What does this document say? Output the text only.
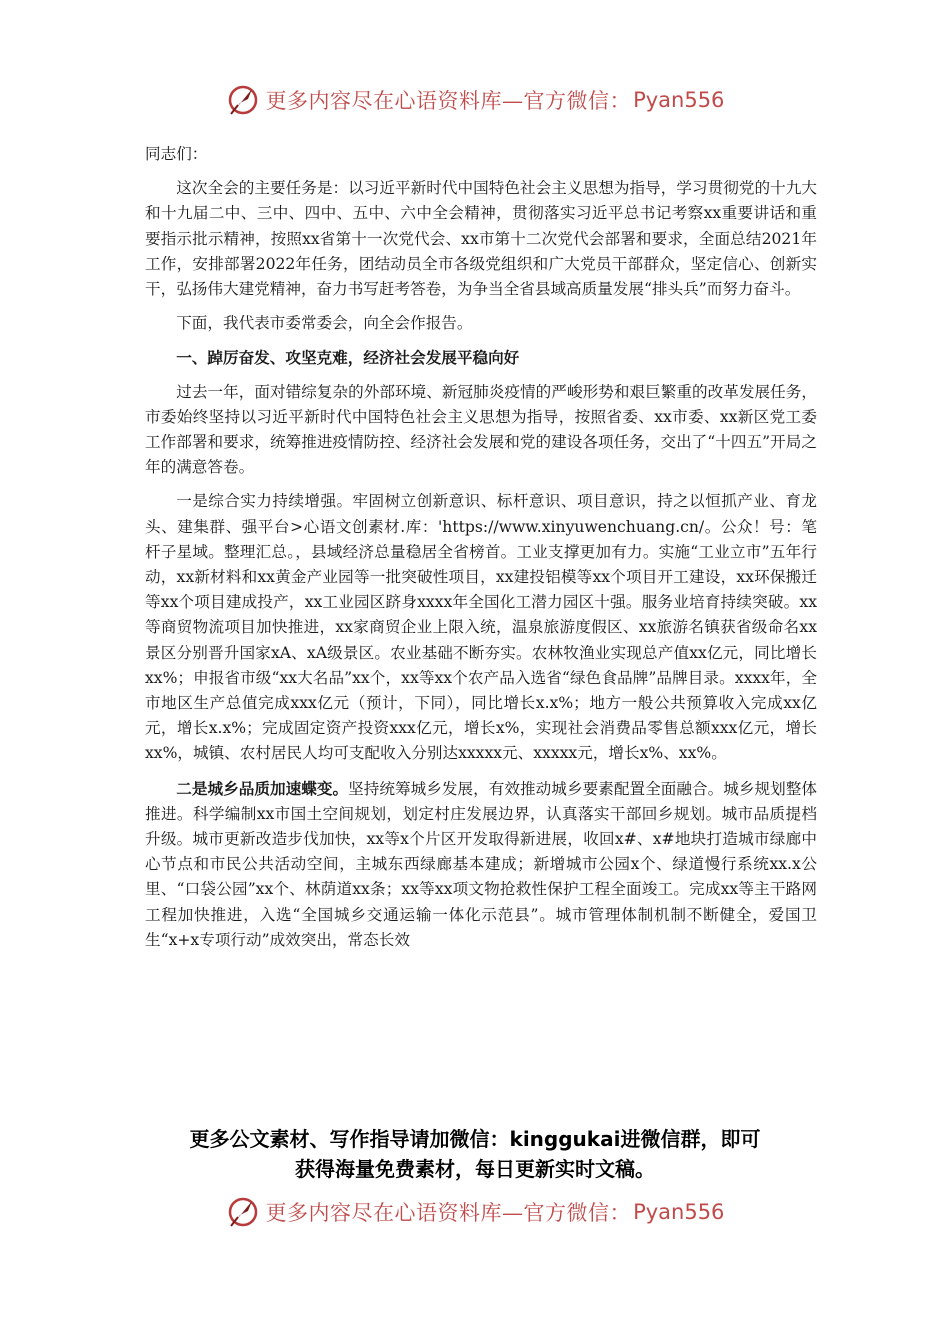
更多内容尽在心语资料库—官方微信： Pyan556

同志们：

这次全会的主要任务是：以习近平新时代中国特色社会主义思想为指导，学习贯彻党的十九大和十九届二中、三中、四中、五中、六中全会精神，贯彻落实习近平总书记考察xx重要讲话和重要指示批示精神，按照xx省第十一次党代会、xx市第十二次党代会部署和要求，全面总结2021年工作，安排部署2022年任务，团结动员全市各级党组织和广大党员干部群众，坚定信心、创新实干，弘扬伟大建党精神，奋力书写赶考答卷，为争当全省县域高质量发展“排头兵”而努力奋斗。

下面，我代表市委常委会，向全会作报告。

一、踔厉奋发、攻坚克难，经济社会发展平稳向好

过去一年，面对错综复杂的外部环境、新冠肺炎疫情的严峻形势和艰巨繁重的改革发展任务，市委始终坚持以习近平新时代中国特色社会主义思想为指导，按照省委、xx市委、xx新区党工委工作部署和要求，统筹推进疫情防控、经济社会发展和党的建设各项任务，交出了“十四五”开局之年的满意答卷。

一是综合实力持续增强。牢固树立创新意识、标杆意识、项目意识，持之以恒抓产业、育龙头、建集群、强平台>心语文创素材.库：'https://www.xinyuwenchuang.cn/。公众！号：笔杆子星域。整理汇总。，县域经济总量稳居全省榜首。工业支撑更加有力。实施“工业立市”五年行动，xx新材料和xx黄金产业园等一批突破性项目，xx建投铝模等xx个项目开工建设，xx环保搬迁等xx个项目建成投产，xx工业园区跻身xxxx年全国化工潜力园区十强。服务业培育持续突破。xx等商贸物流项目加快推进，xx家商贸企业上限入统，温泉旅游度假区、xx旅游名镇获省级命名xx景区分别晋升国家xA、xA级景区。农业基础不断夯实。农林牧渔业实现总产值xx亿元，同比增长xx%；申报省市级“xx大名品”xx个，xx等xx个农产品入选省“绿色食品牌”品牌目录。xxxx年，全市地区生产总值完成xxx亿元（预计，下同），同比增长x.x%；地方一般公共预算收入完成xx亿元，增长x.x%；完成固定资产投资xxx亿元，增长x%，实现社会消费品零售总额xxx亿元，增长xx%，城镇、农村居民人均可支配收入分别达xxxxx元、xxxxx元，增长x%、xx%。

二是城乡品质加速蝶变。坚持统筹城乡发展，有效推动城乡要素配置全面融合。城乡规划整体推进。科学编制xx市国土空间规划，划定村庄发展边界，认真落实干部回乡规划。城市品质提档升级。城市更新改造步伐加快，xx等x个片区开发取得新进展，收回x#、x#地块打造城市绿廊中心节点和市民公共活动空间，主城东西绿廊基本建成；新增城市公园x个、绿道慢行系统xx.x公里、“口袋公园”xx个、林荫道xx条；xx等xx项文物抢救性保护工程全面竣工。完成xx等主干路网工程加快推进，入选“全国城乡交通运输一体化示范县”。城市管理体制机制不断健全，爱国卫生“x+x专项行动”成效突出，常态长效

更多公文素材、写作指导请加微信：kinggukai进微信群，即可
获得海量免费素材，每日更新实时文稿。
更多内容尽在心语资料库—官方微信： Pyan556
